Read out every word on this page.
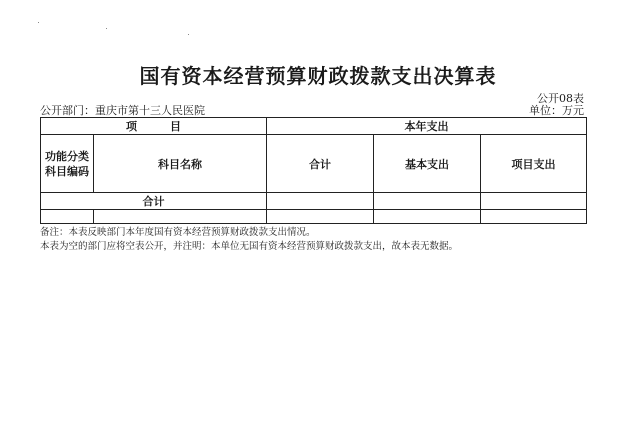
国有资本经营预算财政拨款支出决算表
公开08表
公开部门：重庆市第十三人民医院	单位：万元
项　　　目		本年支出		
功能分类
科目编码	科目名称	合计	基本支出	项目支出
合计				

备注：本表反映部门本年度国有资本经营预算财政拨款支出情况。
本表为空的部门应将空表公开，并注明：本单位无国有资本经营预算财政拨款支出，故本表无数据。
